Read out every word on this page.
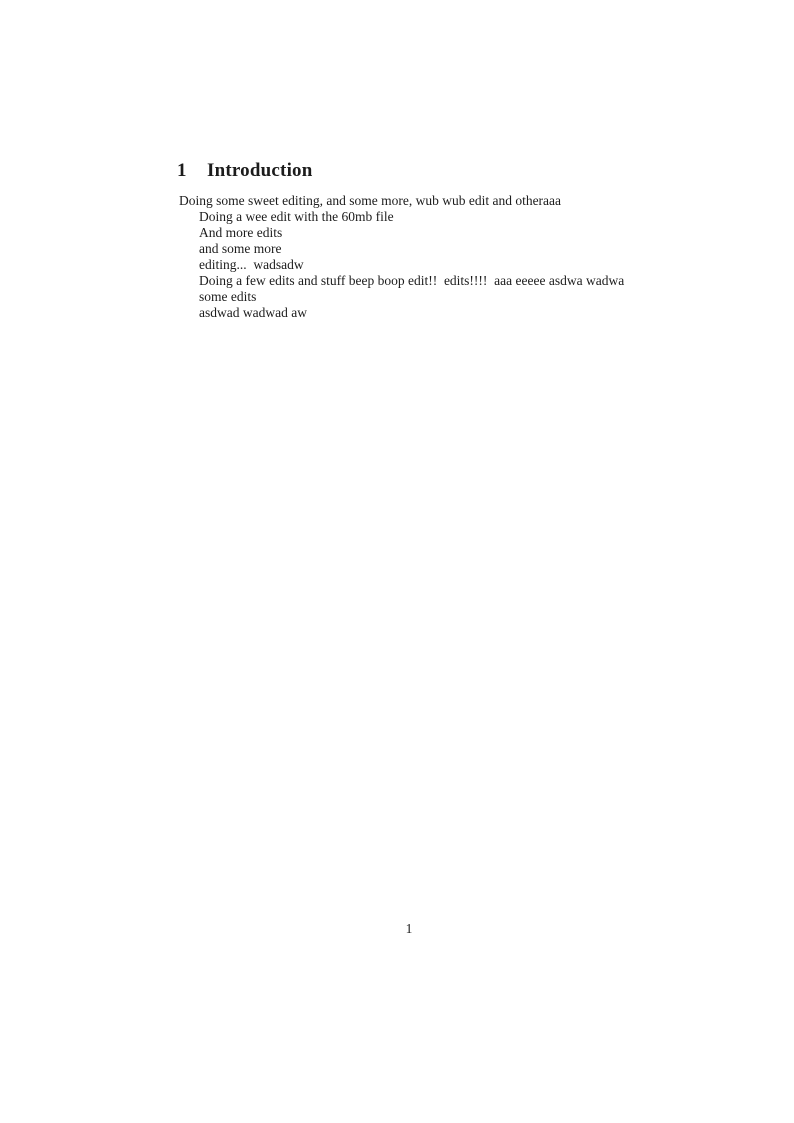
1 Introduction
Doing some sweet editing, and some more, wub wub edit and otheraaa
Doing a wee edit with the 60mb file
And more edits
and some more
editing...  wadsadw
Doing a few edits and stuff beep boop edit!!  edits!!!!  aaa eeeee asdwa wadwa
some edits
asdwad wadwad aw
1
